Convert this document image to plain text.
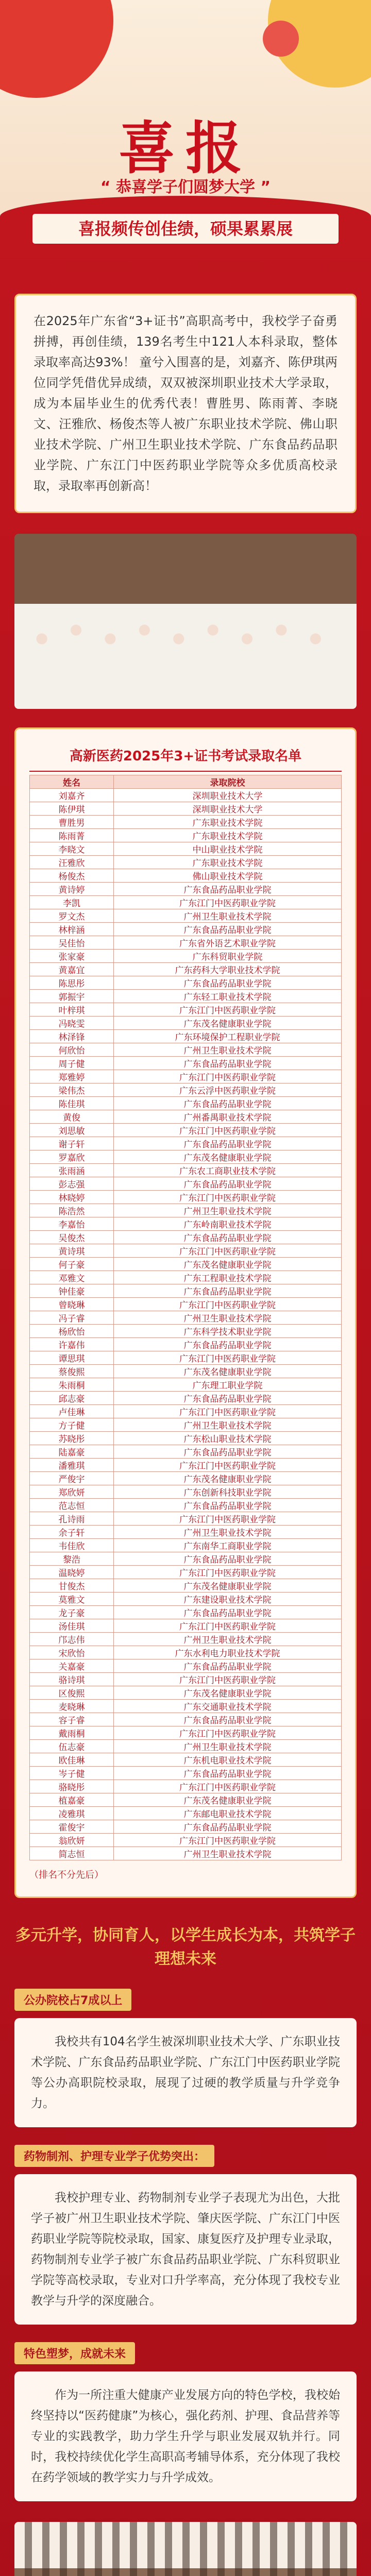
喜报
“ 恭喜学子们圆梦大学 ”
喜报频传创佳绩，硕果累累展
在2025年广东省“3+证书”高职高考中，我校学子奋勇拼搏，再创佳绩，139名考生中121人本科录取，整体录取率高达93%！ 童兮入围喜的是，刘嘉齐、陈伊琪两位同学凭借优异成绩，双双被深圳职业技术大学录取，成为本届毕业生的优秀代表！曹胜男、陈雨菁、李晓文、汪雅欣、杨俊杰等人被广东职业技术学院、佛山职业技术学院、广州卫生职业技术学院、广东食品药品职业学院、广东江门中医药职业学院等众多优质高校录取，录取率再创新高！
高新医药2025年3+证书考试录取名单
姓名	录取院校
刘嘉齐	深圳职业技术大学
陈伊琪	深圳职业技术大学
曹胜男	广东职业技术学院
陈雨菁	广东职业技术学院
李晓文	中山职业技术学院
汪雅欣	广东职业技术学院
杨俊杰	佛山职业技术学院
黄诗婷	广东食品药品职业学院
李凯	广东江门中医药职业学院
罗文杰	广州卫生职业技术学院
林梓涵	广东食品药品职业学院
吴佳怡	广东省外语艺术职业学院
张家豪	广东科贸职业学院
黄嘉宜	广东药科大学职业技术学院
陈思彤	广东食品药品职业学院
郭振宇	广东轻工职业技术学院
叶梓琪	广东江门中医药职业学院
冯晓雯	广东茂名健康职业学院
林泽锋	广东环境保护工程职业学院
何欣怡	广州卫生职业技术学院
周子健	广东食品药品职业学院
郑雅婷	广东江门中医药职业学院
梁伟杰	广东云浮中医药职业学院
陈佳琪	广东食品药品职业学院
黄俊	广州番禺职业技术学院
刘思敏	广东江门中医药职业学院
谢子轩	广东食品药品职业学院
罗嘉欣	广东茂名健康职业学院
张雨涵	广东农工商职业技术学院
彭志强	广东食品药品职业学院
林晓婷	广东江门中医药职业学院
陈浩然	广州卫生职业技术学院
李嘉怡	广东岭南职业技术学院
吴俊杰	广东食品药品职业学院
黄诗琪	广东江门中医药职业学院
何子豪	广东茂名健康职业学院
邓雅文	广东工程职业技术学院
钟佳豪	广东食品药品职业学院
曾晓琳	广东江门中医药职业学院
冯子睿	广州卫生职业技术学院
杨欣怡	广东科学技术职业学院
许嘉伟	广东食品药品职业学院
谭思琪	广东江门中医药职业学院
蔡俊熙	广东茂名健康职业学院
朱雨桐	广东理工职业学院
邱志豪	广东食品药品职业学院
卢佳琳	广东江门中医药职业学院
方子健	广州卫生职业技术学院
苏晓彤	广东松山职业技术学院
陆嘉豪	广东食品药品职业学院
潘雅琪	广东江门中医药职业学院
严俊宇	广东茂名健康职业学院
郑欣妍	广东创新科技职业学院
范志恒	广东食品药品职业学院
孔诗雨	广东江门中医药职业学院
余子轩	广州卫生职业技术学院
韦佳欣	广东南华工商职业学院
黎浩	广东食品药品职业学院
温晓婷	广东江门中医药职业学院
甘俊杰	广东茂名健康职业学院
莫雅文	广东建设职业技术学院
龙子豪	广东食品药品职业学院
汤佳琪	广东江门中医药职业学院
邝志伟	广州卫生职业技术学院
宋欣怡	广东水利电力职业技术学院
关嘉豪	广东食品药品职业学院
骆诗琪	广东江门中医药职业学院
区俊熙	广东茂名健康职业学院
麦晓琳	广东交通职业技术学院
容子睿	广东食品药品职业学院
戴雨桐	广东江门中医药职业学院
伍志豪	广州卫生职业技术学院
欧佳琳	广东机电职业技术学院
岑子健	广东食品药品职业学院
骆晓彤	广东江门中医药职业学院
植嘉豪	广东茂名健康职业学院
凌雅琪	广东邮电职业技术学院
霍俊宇	广东食品药品职业学院
翁欣妍	广东江门中医药职业学院
简志恒	广州卫生职业技术学院
（排名不分先后）
多元升学，协同育人，以学生成长为本，共筑学子理想未来
公办院校占7成以上
我校共有104名学生被深圳职业技术大学、广东职业技术学院、广东食品药品职业学院、广东江门中医药职业学院等公办高职院校录取，展现了过硬的教学质量与升学竞争力。
药物制剂、护理专业学子优势突出：
我校护理专业、药物制剂专业学子表现尤为出色，大批学子被广州卫生职业技术学院、肇庆医学院、广东江门中医药职业学院等院校录取，国家、康复医疗及护理专业录取，药物制剂专业学子被广东食品药品职业学院、广东科贸职业学院等高校录取，专业对口升学率高，充分体现了我校专业教学与升学的深度融合。
特色塑梦，成就未来
作为一所注重大健康产业发展方向的特色学校，我校始终坚持以“医药健康”为核心，强化药剂、护理、食品营养等专业的实践教学，助力学生升学与职业发展双轨并行。同时，我校持续优化学生高职高考辅导体系，充分体现了我校在药学领域的教学实力与升学成效。
